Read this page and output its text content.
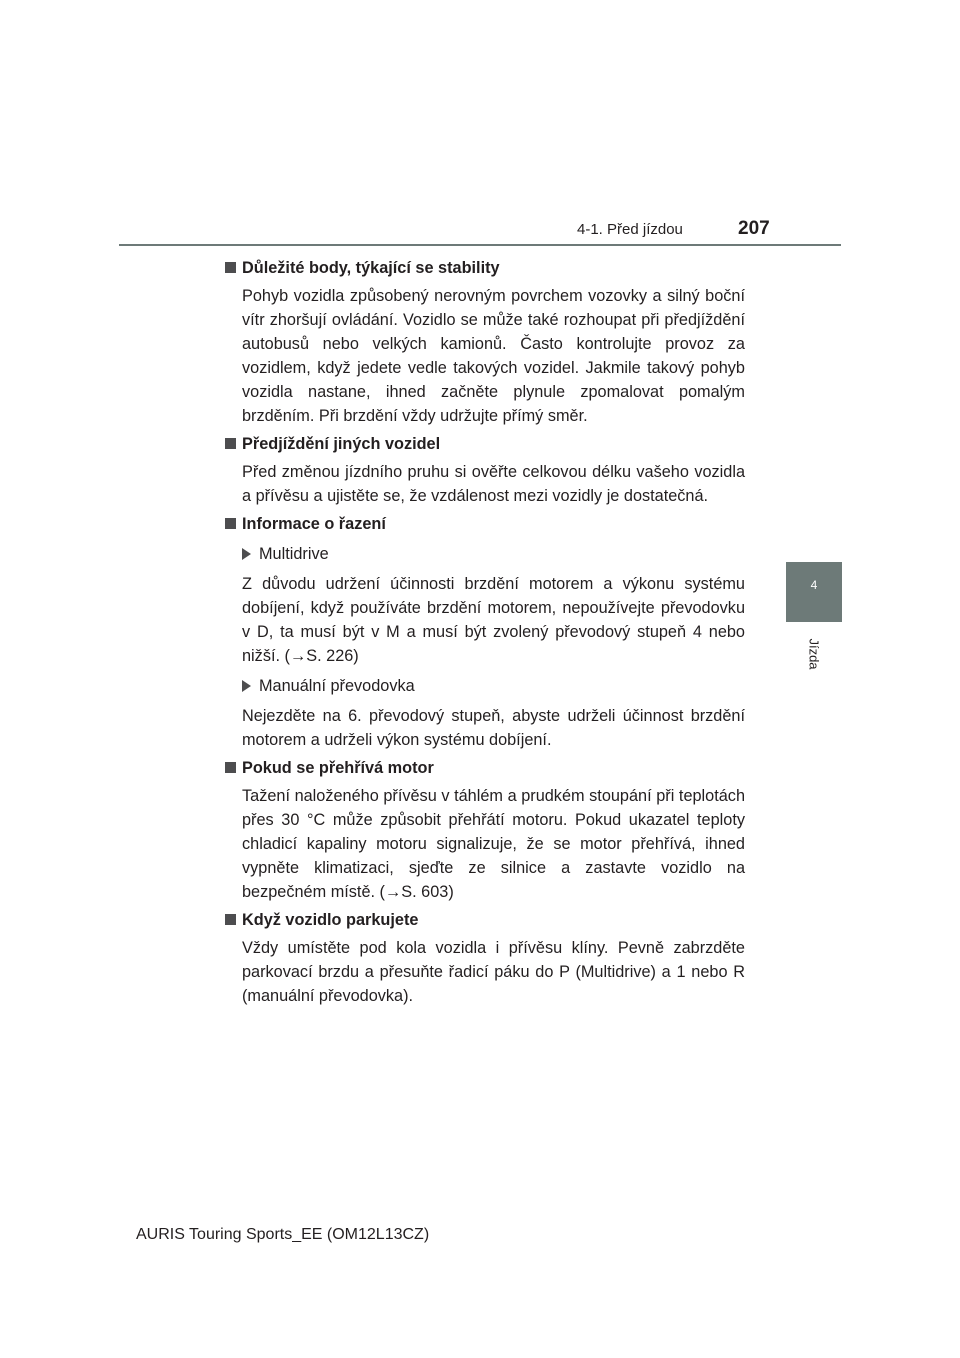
207
4-1. Před jízdou
4
Jízda
Důležité body, týkající se stability

Pohyb vozidla způsobený nerovným povrchem vozovky a silný boční vítr zhoršují ovládání. Vozidlo se může také rozhoupat při předjíždění autobusů nebo velkých kamionů. Často kontrolujte provoz za vozidlem, když jedete vedle takových vozidel. Jakmile takový pohyb vozidla nastane, ihned začněte plynule zpomalovat pomalým brzděním. Při brzdění vždy udržujte přímý směr.

Předjíždění jiných vozidel

Před změnou jízdního pruhu si ověřte celkovou délku vašeho vozidla a přívěsu a ujistěte se, že vzdálenost mezi vozidly je dostatečná.

Informace o řazení
Multidrive

Z důvodu udržení účinnosti brzdění motorem a výkonu systému dobíjení, když používáte brzdění motorem, nepoužívejte převodovku v D, ta musí být v M a musí být zvolený převodový stupeň 4 nebo nižší. (→S. 226)

Manuální převodovka

Nejezděte na 6. převodový stupeň, abyste udrželi účinnost brzdění motorem a udrželi výkon systému dobíjení.

Pokud se přehřívá motor

Tažení naloženého přívěsu v táhlém a prudkém stoupání při teplotách přes 30 °C může způsobit přehřátí motoru. Pokud ukazatel teploty chladicí kapaliny motoru signalizuje, že se motor přehřívá, ihned vypněte klimatizaci, sjeďte ze silnice a zastavte vozidlo na bezpečném místě. (→S. 603)

Když vozidlo parkujete

Vždy umístěte pod kola vozidla i přívěsu klíny. Pevně zabrzděte parkovací brzdu a přesuňte řadicí páku do P (Multidrive) a 1 nebo R (manuální převodovka).

AURIS Touring Sports_EE (OM12L13CZ)
